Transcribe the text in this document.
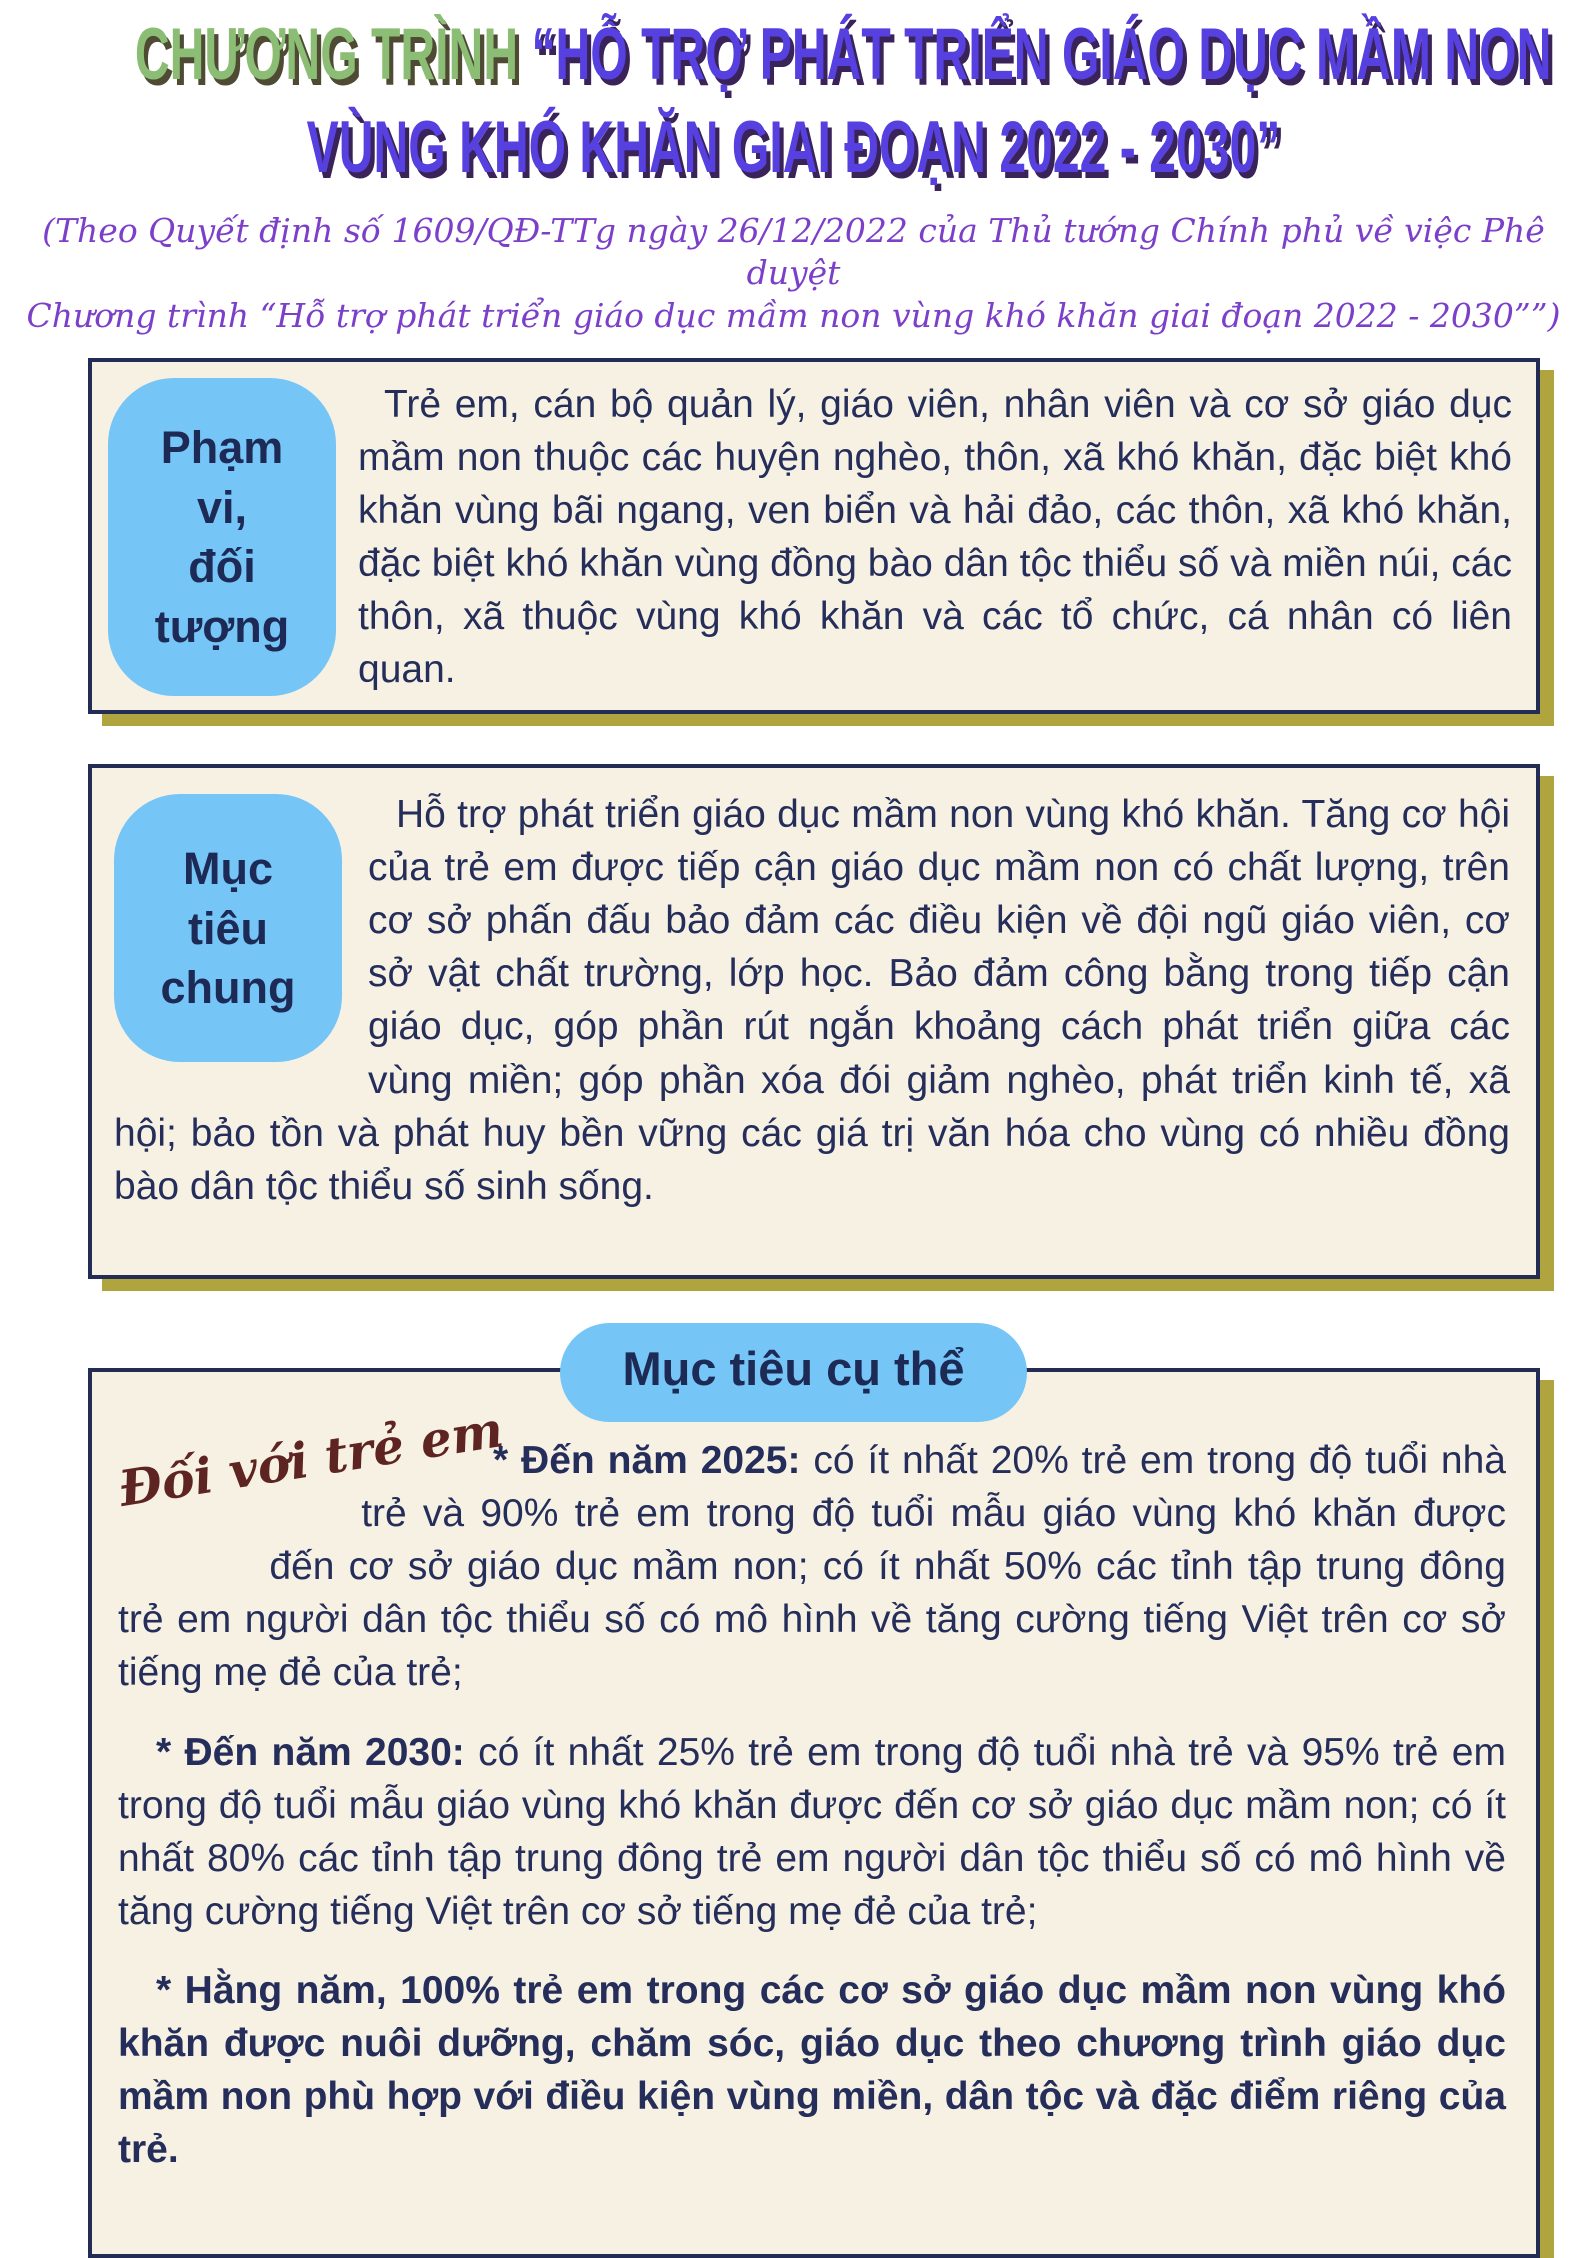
CHƯƠNG TRÌNH “HỖ TRỢ PHÁT TRIỂN GIÁO DỤC MẦM NON
VÙNG KHÓ KHĂN GIAI ĐOẠN 2022 - 2030”
(Theo Quyết định số 1609/QĐ-TTg ngày 26/12/2022 của Thủ tướng Chính phủ về việc Phê duyệt
Chương trình “Hỗ trợ phát triển giáo dục mầm non vùng khó khăn giai đoạn 2022 - 2030””)
Phạm
vi,
đối
tượng
Trẻ em, cán bộ quản lý, giáo viên, nhân viên và cơ sở giáo dục mầm non thuộc các huyện nghèo, thôn, xã khó khăn, đặc biệt khó khăn vùng bãi ngang, ven biển và hải đảo, các thôn, xã khó khăn, đặc biệt khó khăn vùng đồng bào dân tộc thiểu số và miền núi, các thôn, xã thuộc vùng khó khăn và các tổ chức, cá nhân có liên quan.
Mục
tiêu
chung
Hỗ trợ phát triển giáo dục mầm non vùng khó khăn. Tăng cơ hội của trẻ em được tiếp cận giáo dục mầm non có chất lượng, trên cơ sở phấn đấu bảo đảm các điều kiện về đội ngũ giáo viên, cơ sở vật chất trường, lớp học. Bảo đảm công bằng trong tiếp cận giáo dục, góp phần rút ngắn khoảng cách phát triển giữa các vùng miền; góp phần xóa đói giảm nghèo, phát triển kinh tế, xã hội; bảo tồn và phát huy bền vững các giá trị văn hóa cho vùng có nhiều đồng bào dân tộc thiểu số sinh sống.
Mục tiêu cụ thể
Đối với trẻ em

* Đến năm 2025: có ít nhất 20% trẻ em trong độ tuổi nhà trẻ và 90% trẻ em trong độ tuổi mẫu giáo vùng khó khăn được đến cơ sở giáo dục mầm non; có ít nhất 50% các tỉnh tập trung đông trẻ em người dân tộc thiểu số có mô hình về tăng cường tiếng Việt trên cơ sở tiếng mẹ đẻ của trẻ;

* Đến năm 2030: có ít nhất 25% trẻ em trong độ tuổi nhà trẻ và 95% trẻ em trong độ tuổi mẫu giáo vùng khó khăn được đến cơ sở giáo dục mầm non; có ít nhất 80% các tỉnh tập trung đông trẻ em người dân tộc thiểu số có mô hình về tăng cường tiếng Việt trên cơ sở tiếng mẹ đẻ của trẻ;

* Hằng năm, 100% trẻ em trong các cơ sở giáo dục mầm non vùng khó khăn được nuôi dưỡng, chăm sóc, giáo dục theo chương trình giáo dục mầm non phù hợp với điều kiện vùng miền, dân tộc và đặc điểm riêng của trẻ.
